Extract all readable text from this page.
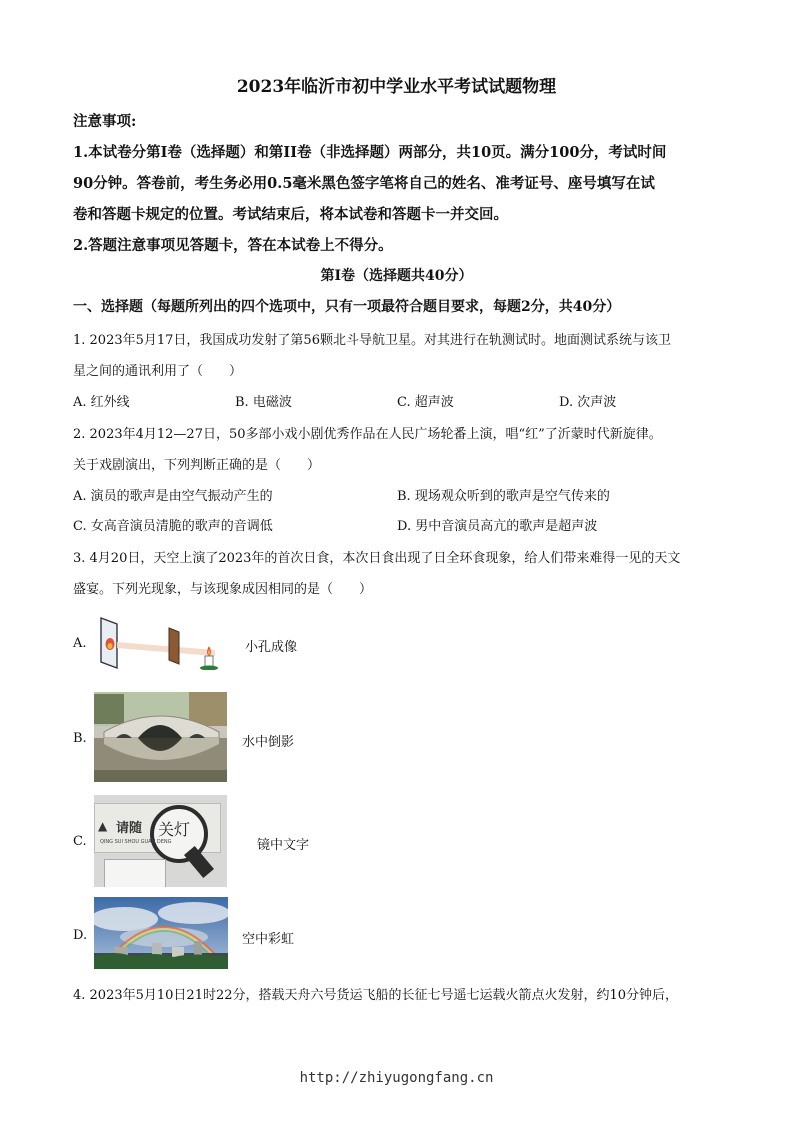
2023年临沂市初中学业水平考试试题物理
注意事项:
1.本试卷分第I卷（选择题）和第II卷（非选择题）两部分，共10页。满分100分，考试时间
90分钟。答卷前，考生务必用0.5毫米黑色签字笔将自己的姓名、准考证号、座号填写在试
卷和答题卡规定的位置。考试结束后，将本试卷和答题卡一并交回。
2.答题注意事项见答题卡，答在本试卷上不得分。
第I卷（选择题共40分）
一、选择题（每题所列出的四个选项中，只有一项最符合题目要求，每题2分，共40分）
1. 2023年5月17日，我国成功发射了第56颗北斗导航卫星。对其进行在轨测试时。地面测试系统与该卫
星之间的通讯利用了（　　）
A. 红外线	B. 电磁波	C. 超声波	D. 次声波
2. 2023年4月12—27日，50多部小戏小剧优秀作品在人民广场轮番上演，唱“红”了沂蒙时代新旋律。
关于戏剧演出，下列判断正确的是（　　）
A. 演员的歌声是由空气振动产生的	B. 现场观众听到的歌声是空气传来的
C. 女高音演员清脆的歌声的音调低	D. 男中音演员高亢的歌声是超声波
3. 4月20日，天空上演了2023年的首次日食，本次日食出现了日全环食现象，给人们带来难得一见的天文
盛宴。下列光现象，与该现象成因相同的是（　　）
A.	小孔成像
B.	水中倒影
C.
▲ 请随 关灯
QING SUI SHOU GUAN DENG	镜中文字
D.	空中彩虹
4. 2023年5月10日21时22分，搭载天舟六号货运飞船的长征七号遥七运载火箭点火发射，约10分钟后，
http://zhiyugongfang.cn
